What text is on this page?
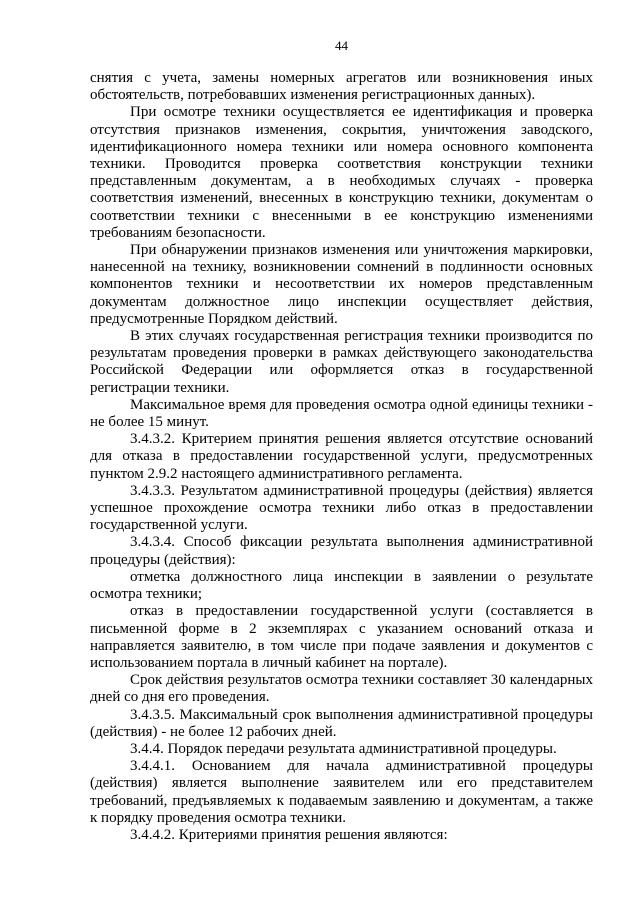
44

снятия с учета, замены номерных агрегатов или возникновения иных обстоятельств, потребовавших изменения регистрационных данных).

При осмотре техники осуществляется ее идентификация и проверка отсутствия признаков изменения, сокрытия, уничтожения заводского, идентификационного номера техники или номера основного компонента техники. Проводится проверка соответствия конструкции техники представленным документам, а в необходимых случаях - проверка соответствия изменений, внесенных в конструкцию техники, документам о соответствии техники с внесенными в ее конструкцию изменениями требованиям безопасности.

При обнаружении признаков изменения или уничтожения маркировки, нанесенной на технику, возникновении сомнений в подлинности основных компонентов техники и несоответствии их номеров представленным документам должностное лицо инспекции осуществляет действия, предусмотренные Порядком действий.

В этих случаях государственная регистрация техники производится по результатам проведения проверки в рамках действующего законодательства Российской Федерации или оформляется отказ в государственной регистрации техники.

Максимальное время для проведения осмотра одной единицы техники - не более 15 минут.

3.4.3.2. Критерием принятия решения является отсутствие оснований для отказа в предоставлении государственной услуги, предусмотренных пунктом 2.9.2 настоящего административного регламента.

3.4.3.3. Результатом административной процедуры (действия) является успешное прохождение осмотра техники либо отказ в предоставлении государственной услуги.

3.4.3.4. Способ фиксации результата выполнения административной процедуры (действия):

отметка должностного лица инспекции в заявлении о результате осмотра техники;

отказ в предоставлении государственной услуги (составляется в письменной форме в 2 экземплярах с указанием оснований отказа и направляется заявителю, в том числе при подаче заявления и документов с использованием портала в личный кабинет на портале).

Срок действия результатов осмотра техники составляет 30 календарных дней со дня его проведения.

3.4.3.5. Максимальный срок выполнения административной процедуры (действия) - не более 12 рабочих дней.

3.4.4. Порядок передачи результата административной процедуры.

3.4.4.1. Основанием для начала административной процедуры (действия) является выполнение заявителем или его представителем требований, предъявляемых к подаваемым заявлению и документам, а также к порядку проведения осмотра техники.

3.4.4.2. Критериями принятия решения являются:
